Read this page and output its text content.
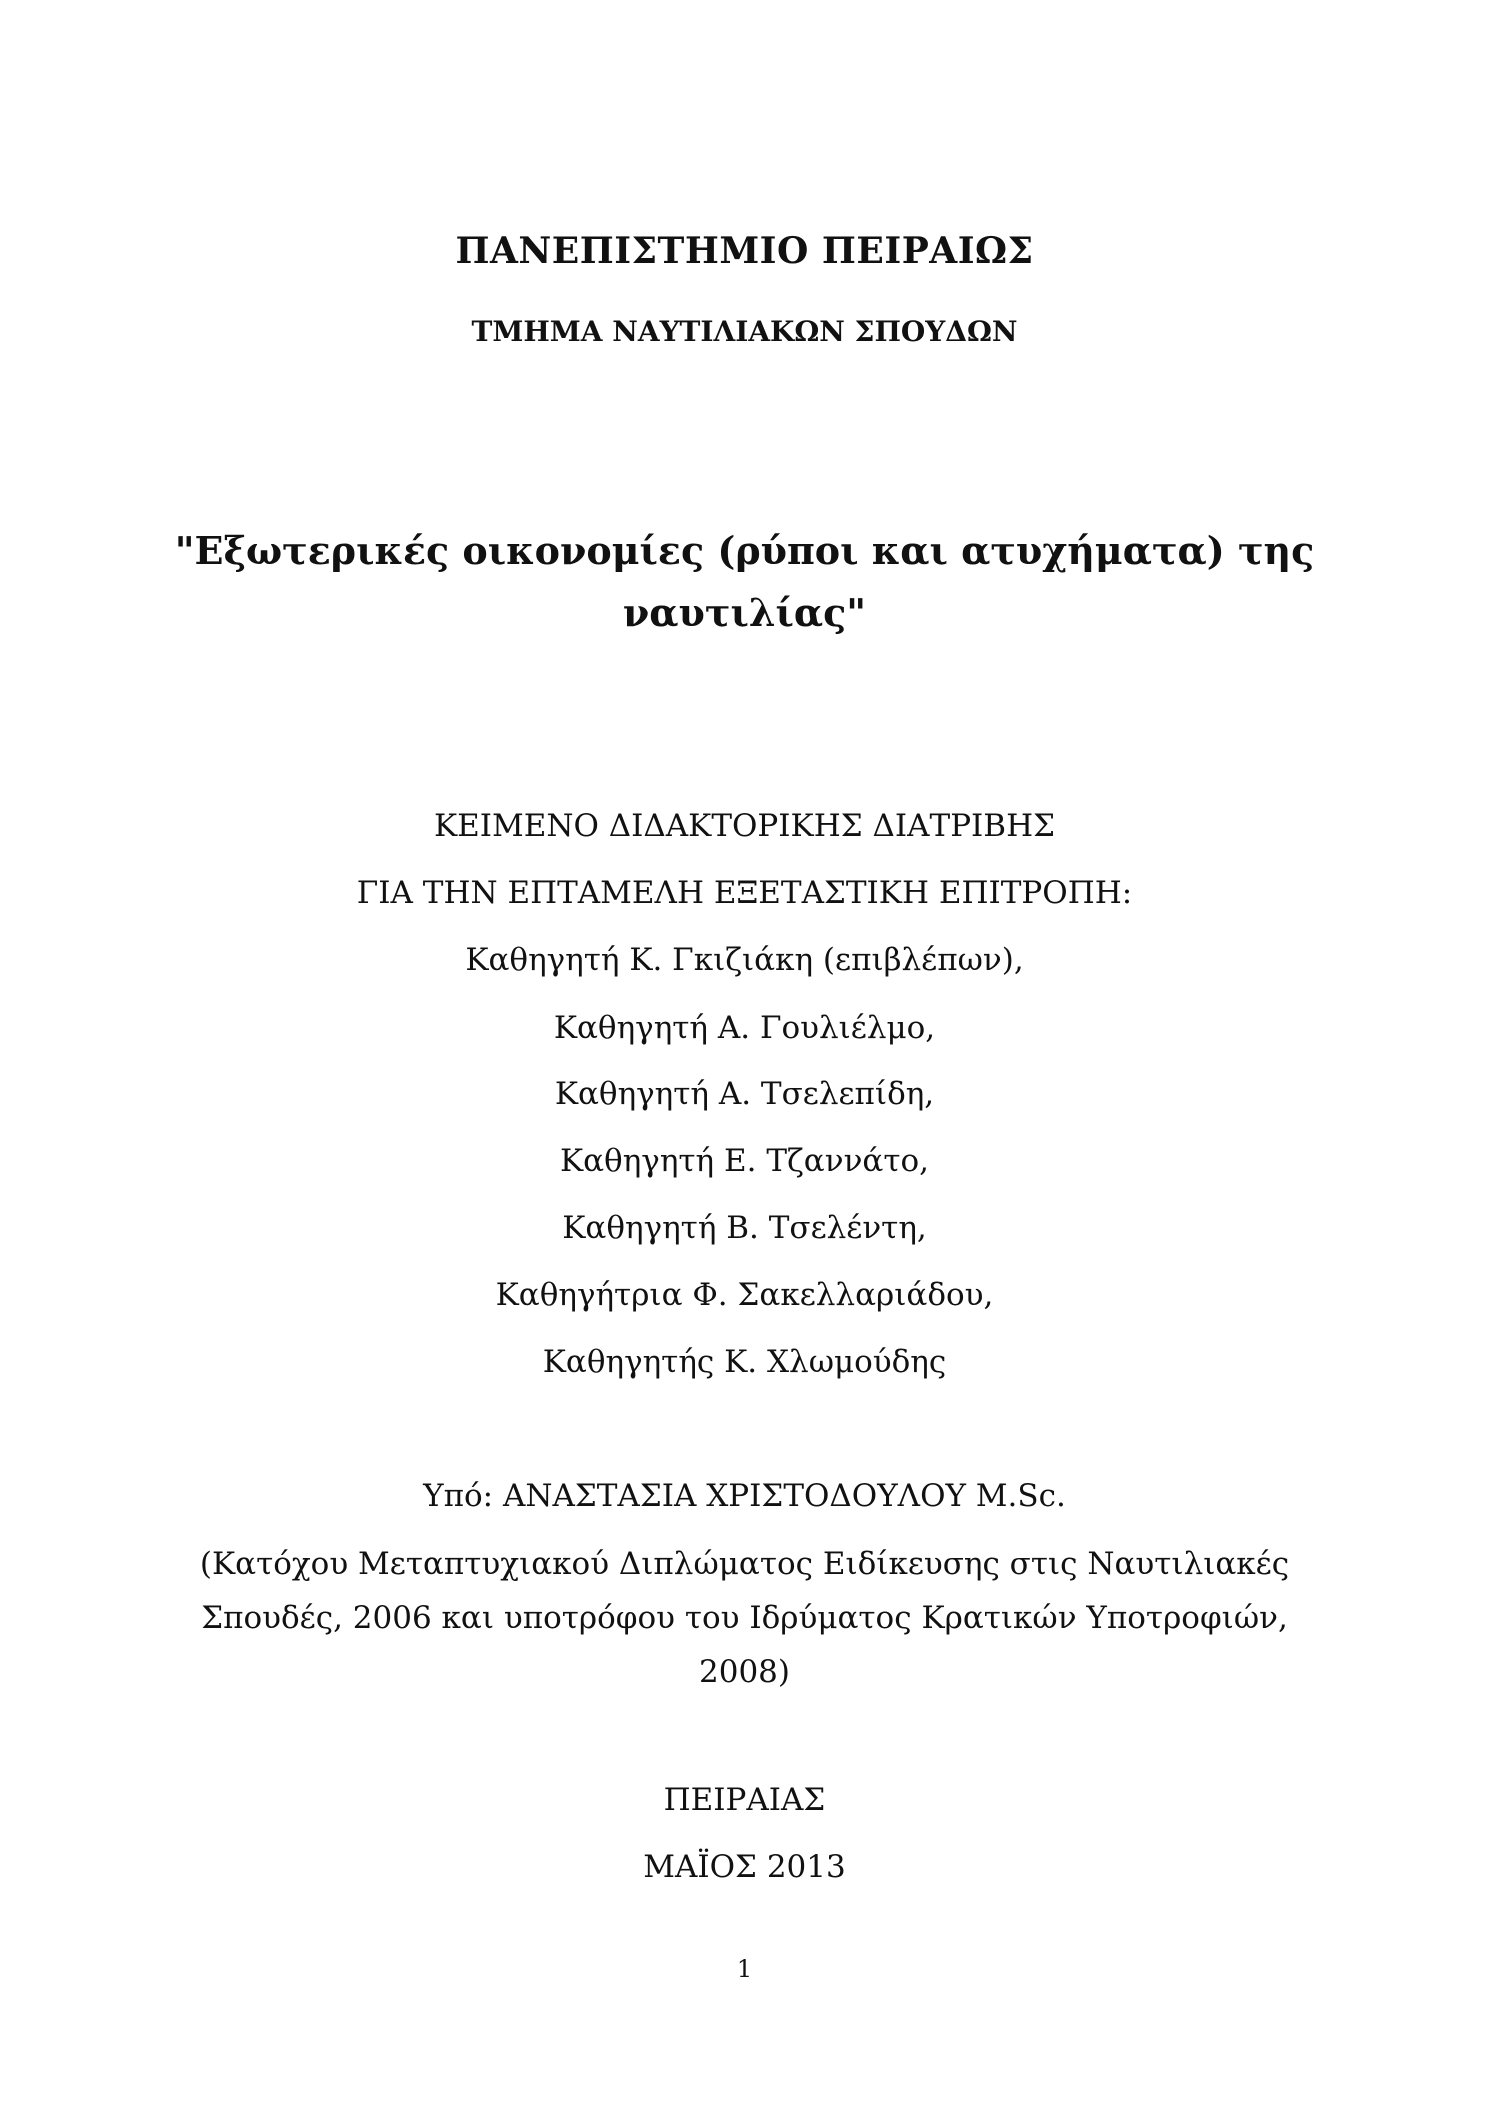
ΠΑΝΕΠΙΣΤΗΜΙΟ ΠΕΙΡΑΙΩΣ

ΤΜΗΜΑ ΝΑΥΤΙΛΙΑΚΩΝ ΣΠΟΥΔΩΝ

"Εξωτερικές οικονομίες (ρύποι και ατυχήματα) της

ναυτιλίας"

ΚΕΙΜΕΝΟ ΔΙΔΑΚΤΟΡΙΚΗΣ ΔΙΑΤΡΙΒΗΣ

ΓΙΑ ΤΗΝ ΕΠΤΑΜΕΛΗ ΕΞΕΤΑΣΤΙΚΗ ΕΠΙΤΡΟΠΗ:

Καθηγητή Κ. Γκιζιάκη (επιβλέπων),

Καθηγητή Α. Γουλιέλμο,

Καθηγητή Α. Τσελεπίδη,

Καθηγητή Ε. Τζαννάτο,

Καθηγητή Β. Τσελέντη,

Καθηγήτρια Φ. Σακελλαριάδου,

Καθηγητής Κ. Χλωμούδης

Υπό: ΑΝΑΣΤΑΣΙΑ ΧΡΙΣΤΟΔΟΥΛΟΥ M.Sc.

(Κατόχου Μεταπτυχιακού Διπλώματος Ειδίκευσης στις Ναυτιλιακές

Σπουδές, 2006 και υποτρόφου του Ιδρύματος Κρατικών Υποτροφιών,

2008)

ΠΕΙΡΑΙΑΣ

ΜΑΪΟΣ 2013

1
